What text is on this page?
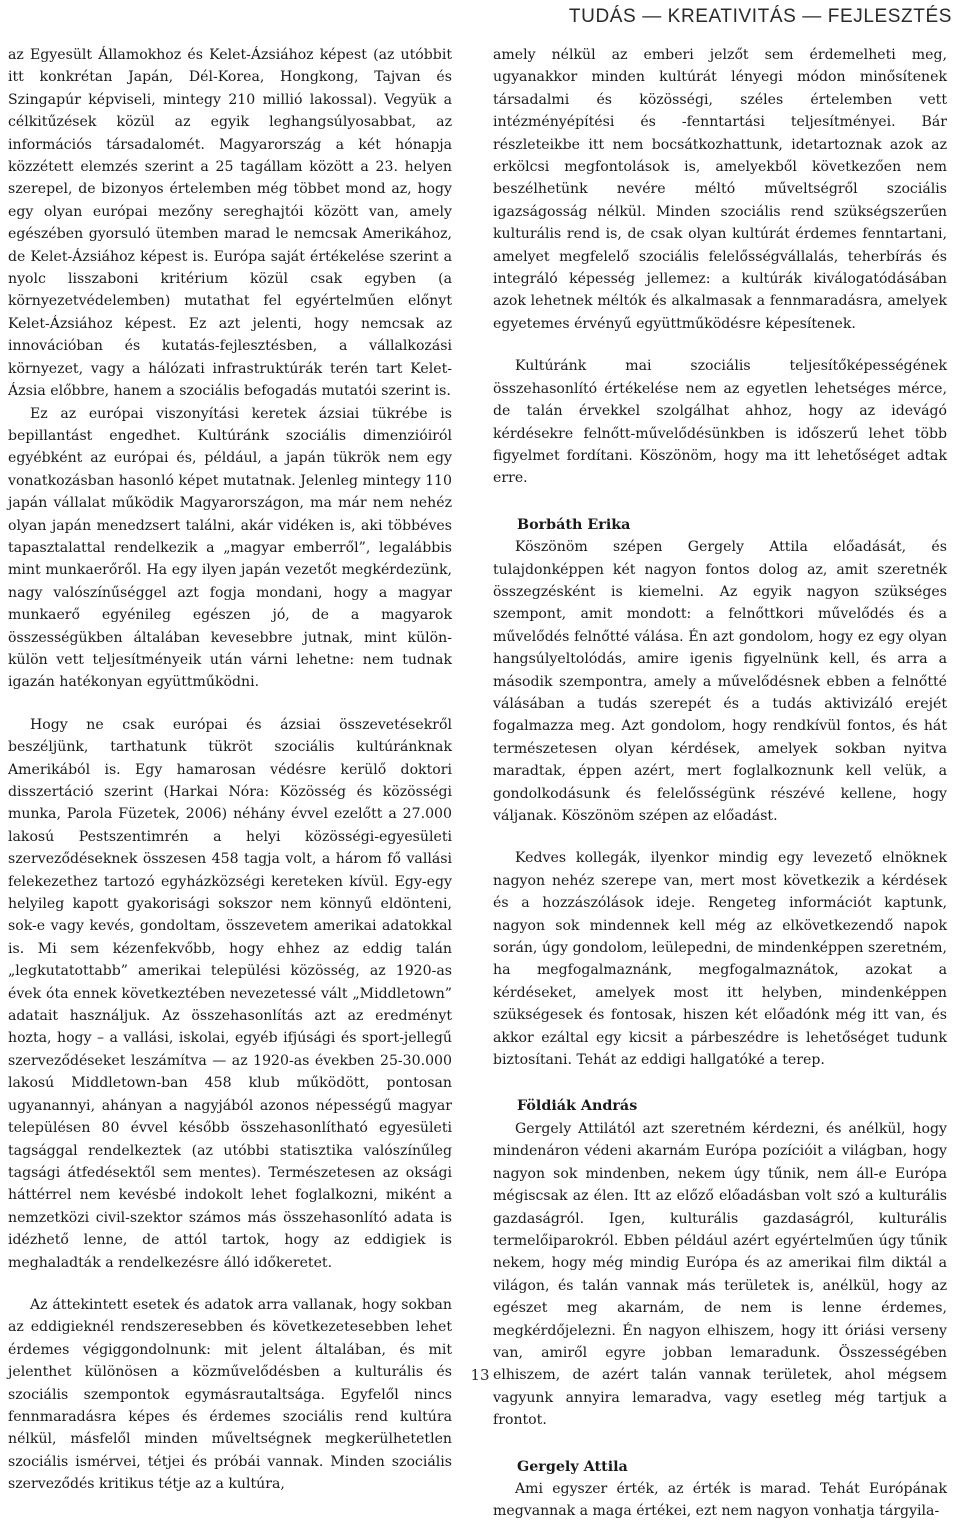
TUDÁS — KREATIVITÁS — FEJLESZTÉS

az Egyesült Államokhoz és Kelet-Ázsiához képest (az utóbbit itt konkrétan Japán, Dél-Korea, Hongkong, Tajvan és Szingapúr képviseli, mintegy 210 millió lakossal). Vegyük a célkitűzések közül az egyik leghangsúlyosabbat, az információs társadalomét. Magyarország a két hónapja közzétett elemzés szerint a 25 tagállam között a 23. helyen szerepel, de bizonyos értelemben még többet mond az, hogy egy olyan európai mezőny sereghajtói között van, amely egészében gyorsuló ütemben marad le nemcsak Amerikához, de Kelet-Ázsiához képest is. Európa saját értékelése szerint a nyolc lisszaboni kritérium közül csak egyben (a környezetvédelemben) mutathat fel egyértelműen előnyt Kelet-Ázsiához képest. Ez azt jelenti, hogy nemcsak az innovációban és kutatás-fejlesztésben, a vállalkozási környezet, vagy a hálózati infrastruktúrák terén tart Kelet-Ázsia előbbre, hanem a szociális befogadás mutatói szerint is.

Ez az európai viszonyítási keretek ázsiai tükrébe is bepillantást engedhet. Kultúránk szociális dimenzióiról egyébként az európai és, például, a japán tükrök nem egy vonatkozásban hasonló képet mutatnak. Jelenleg mintegy 110 japán vállalat működik Magyarországon, ma már nem nehéz olyan japán menedzsert találni, akár vidéken is, aki többéves tapasztalattal rendelkezik a „magyar emberről”, legalábbis mint munkaerőről. Ha egy ilyen japán vezetőt megkérdezünk, nagy valószínűséggel azt fogja mondani, hogy a magyar munkaerő egyénileg egészen jó, de a magyarok összességükben általában kevesebbre jutnak, mint külön-külön vett teljesítményeik után várni lehetne: nem tudnak igazán hatékonyan együttműködni.

Hogy ne csak európai és ázsiai összevetésekről beszéljünk, tarthatunk tükröt szociális kultúránknak Amerikából is. Egy hamarosan védésre kerülő doktori disszertáció szerint (Harkai Nóra: Közösség és közösségi munka, Parola Füzetek, 2006) néhány évvel ezelőtt a 27.000 lakosú Pestszentimrén a helyi közösségi-egyesületi szerveződéseknek összesen 458 tagja volt, a három fő vallási felekezethez tartozó egyházközségi kereteken kívül. Egy-egy helyileg kapott gyakorisági sokszor nem könnyű eldönteni, sok-e vagy kevés, gondoltam, összevetem amerikai adatokkal is. Mi sem kézenfekvőbb, hogy ehhez az eddig talán „legkutatottabb” amerikai települési közösség, az 1920-as évek óta ennek következtében nevezetessé vált „Middletown” adatait használjuk. Az összehasonlítás azt az eredményt hozta, hogy – a vallási, iskolai, egyéb ifjúsági és sport-jellegű szerveződéseket leszámítva — az 1920-as években 25-30.000 lakosú Middletown-ban 458 klub működött, pontosan ugyanannyi, ahányan a nagyjából azonos népességű magyar településen 80 évvel később összehasonlítható egyesületi tagsággal rendelkeztek (az utóbbi statisztika valószínűleg tagsági átfedésektől sem mentes). Természetesen az oksági háttérrel nem kevésbé indokolt lehet foglalkozni, miként a nemzetközi civil-szektor számos más összehasonlító adata is idézhető lenne, de attól tartok, hogy az eddigiek is meghaladták a rendelkezésre álló időkeretet.

Az áttekintett esetek és adatok arra vallanak, hogy sokban az eddigieknél rendszeresebben és következetesebben lehet érdemes végiggondolnunk: mit jelent általában, és mit jelenthet különösen a közművelődésben a kulturális és szociális szempontok egymásrautaltsága. Egyfelől nincs fennmaradásra képes és érdemes szociális rend kultúra nélkül, másfelől minden műveltségnek megkerülhetetlen szociális ismérvei, tétjei és próbái vannak. Minden szociális szerveződés kritikus tétje az a kultúra,

amely nélkül az emberi jelzőt sem érdemelheti meg, ugyanakkor minden kultúrát lényegi módon minősítenek társadalmi és közösségi, széles értelemben vett intézményépítési és -fenntartási teljesítményei. Bár részleteikbe itt nem bocsátkozhattunk, idetartoznak azok az erkölcsi megfontolások is, amelyekből következően nem beszélhetünk nevére méltó műveltségről szociális igazságosság nélkül. Minden szociális rend szükségszerűen kulturális rend is, de csak olyan kultúrát érdemes fenntartani, amelyet megfelelő szociális felelősségvállalás, teherbírás és integráló képesség jellemez: a kultúrák kiválogatódásában azok lehetnek méltók és alkalmasak a fennmaradásra, amelyek egyetemes érvényű együttműködésre képesítenek.

Kultúránk mai szociális teljesítőképességének összehasonlító értékelése nem az egyetlen lehetséges mérce, de talán érvekkel szolgálhat ahhoz, hogy az idevágó kérdésekre felnőtt-művelődésünkben is időszerű lehet több figyelmet fordítani. Köszönöm, hogy ma itt lehetőséget adtak erre.

Borbáth Erika

Köszönöm szépen Gergely Attila előadását, és tulajdonképpen két nagyon fontos dolog az, amit szeretnék összegzésként is kiemelni. Az egyik nagyon szükséges szempont, amit mondott: a felnőttkori művelődés és a művelődés felnőtté válása. Én azt gondolom, hogy ez egy olyan hangsúlyeltolódás, amire igenis figyelnünk kell, és arra a második szempontra, amely a művelődésnek ebben a felnőtté válásában a tudás szerepét és a tudás aktivizáló erejét fogalmazza meg. Azt gondolom, hogy rendkívül fontos, és hát természetesen olyan kérdések, amelyek sokban nyitva maradtak, éppen azért, mert foglalkoznunk kell velük, a gondolkodásunk és felelősségünk részévé kellene, hogy váljanak. Köszönöm szépen az előadást.

Kedves kollegák, ilyenkor mindig egy levezető elnöknek nagyon nehéz szerepe van, mert most következik a kérdések és a hozzászólások ideje. Rengeteg információt kaptunk, nagyon sok mindennek kell még az elkövetkezendő napok során, úgy gondolom, leülepedni, de mindenképpen szeretném, ha megfogalmaznánk, megfogalmaznátok, azokat a kérdéseket, amelyek most itt helyben, mindenképpen szükségesek és fontosak, hiszen két előadónk még itt van, és akkor ezáltal egy kicsit a párbeszédre is lehetőséget tudunk biztosítani. Tehát az eddigi hallgatóké a terep.

Földiák András

Gergely Attilától azt szeretném kérdezni, és anélkül, hogy mindenáron védeni akarnám Európa pozícióit a világban, hogy nagyon sok mindenben, nekem úgy tűnik, nem áll-e Európa mégiscsak az élen. Itt az előző előadásban volt szó a kulturális gazdaságról. Igen, kulturális gazdaságról, kulturális termelőiparokról. Ebben például azért egyértelműen úgy tűnik nekem, hogy még mindig Európa és az amerikai film diktál a világon, és talán vannak más területek is, anélkül, hogy az egészet meg akarnám, de nem is lenne érdemes, megkérdőjelezni. Én nagyon elhiszem, hogy itt óriási verseny van, amiről egyre jobban lemaradunk. Összességében elhiszem, de azért talán vannak területek, ahol mégsem vagyunk annyira lemaradva, vagy esetleg még tartjuk a frontot.

Gergely Attila

Ami egyszer érték, az érték is marad. Tehát Európának megvannak a maga értékei, ezt nem nagyon vonhatja tárgyila-

13
